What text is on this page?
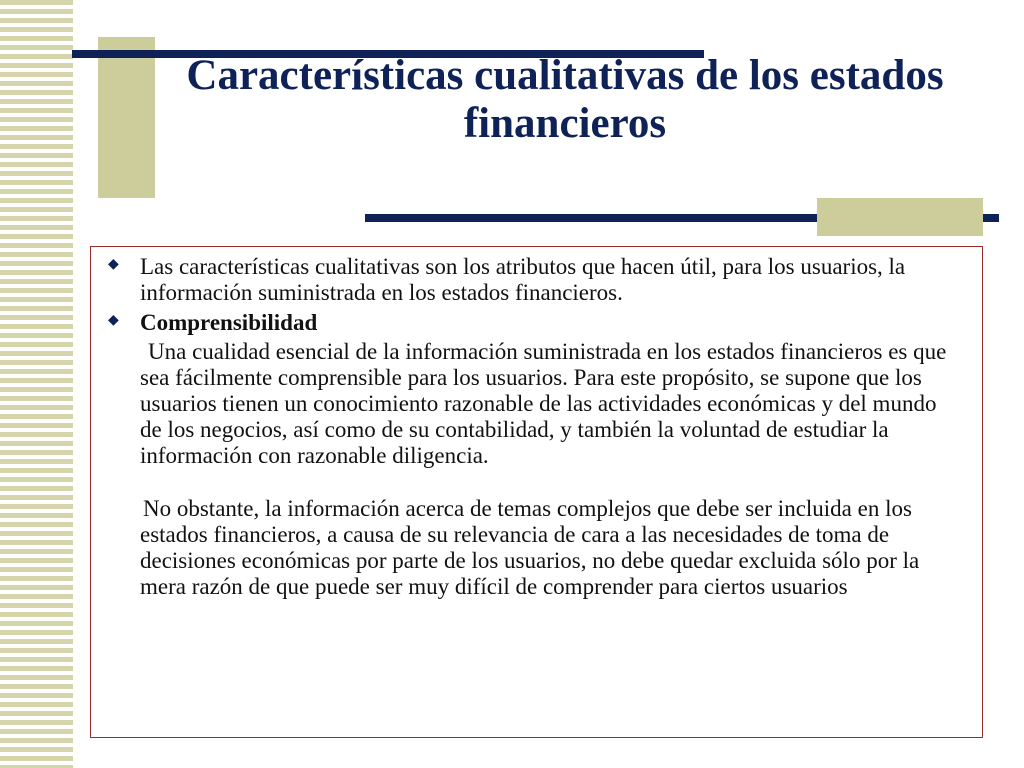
Características cualitativas de los estados financieros
◆ Las características cualitativas son los atributos que hacen útil, para los usuarios, la información suministrada en los estados financieros.
◆ Comprensibilidad
Una cualidad esencial de la información suministrada en los estados financieros es que sea fácilmente comprensible para los usuarios. Para este propósito, se supone que los usuarios tienen un conocimiento razonable de las actividades económicas y del mundo de los negocios, así como de su contabilidad, y también la voluntad de estudiar la información con razonable diligencia.
No obstante, la información acerca de temas complejos que debe ser incluida en los estados financieros, a causa de su relevancia de cara a las necesidades de toma de decisiones económicas por parte de los usuarios, no debe quedar excluida sólo por la mera razón de que puede ser muy difícil de comprender para ciertos usuarios
